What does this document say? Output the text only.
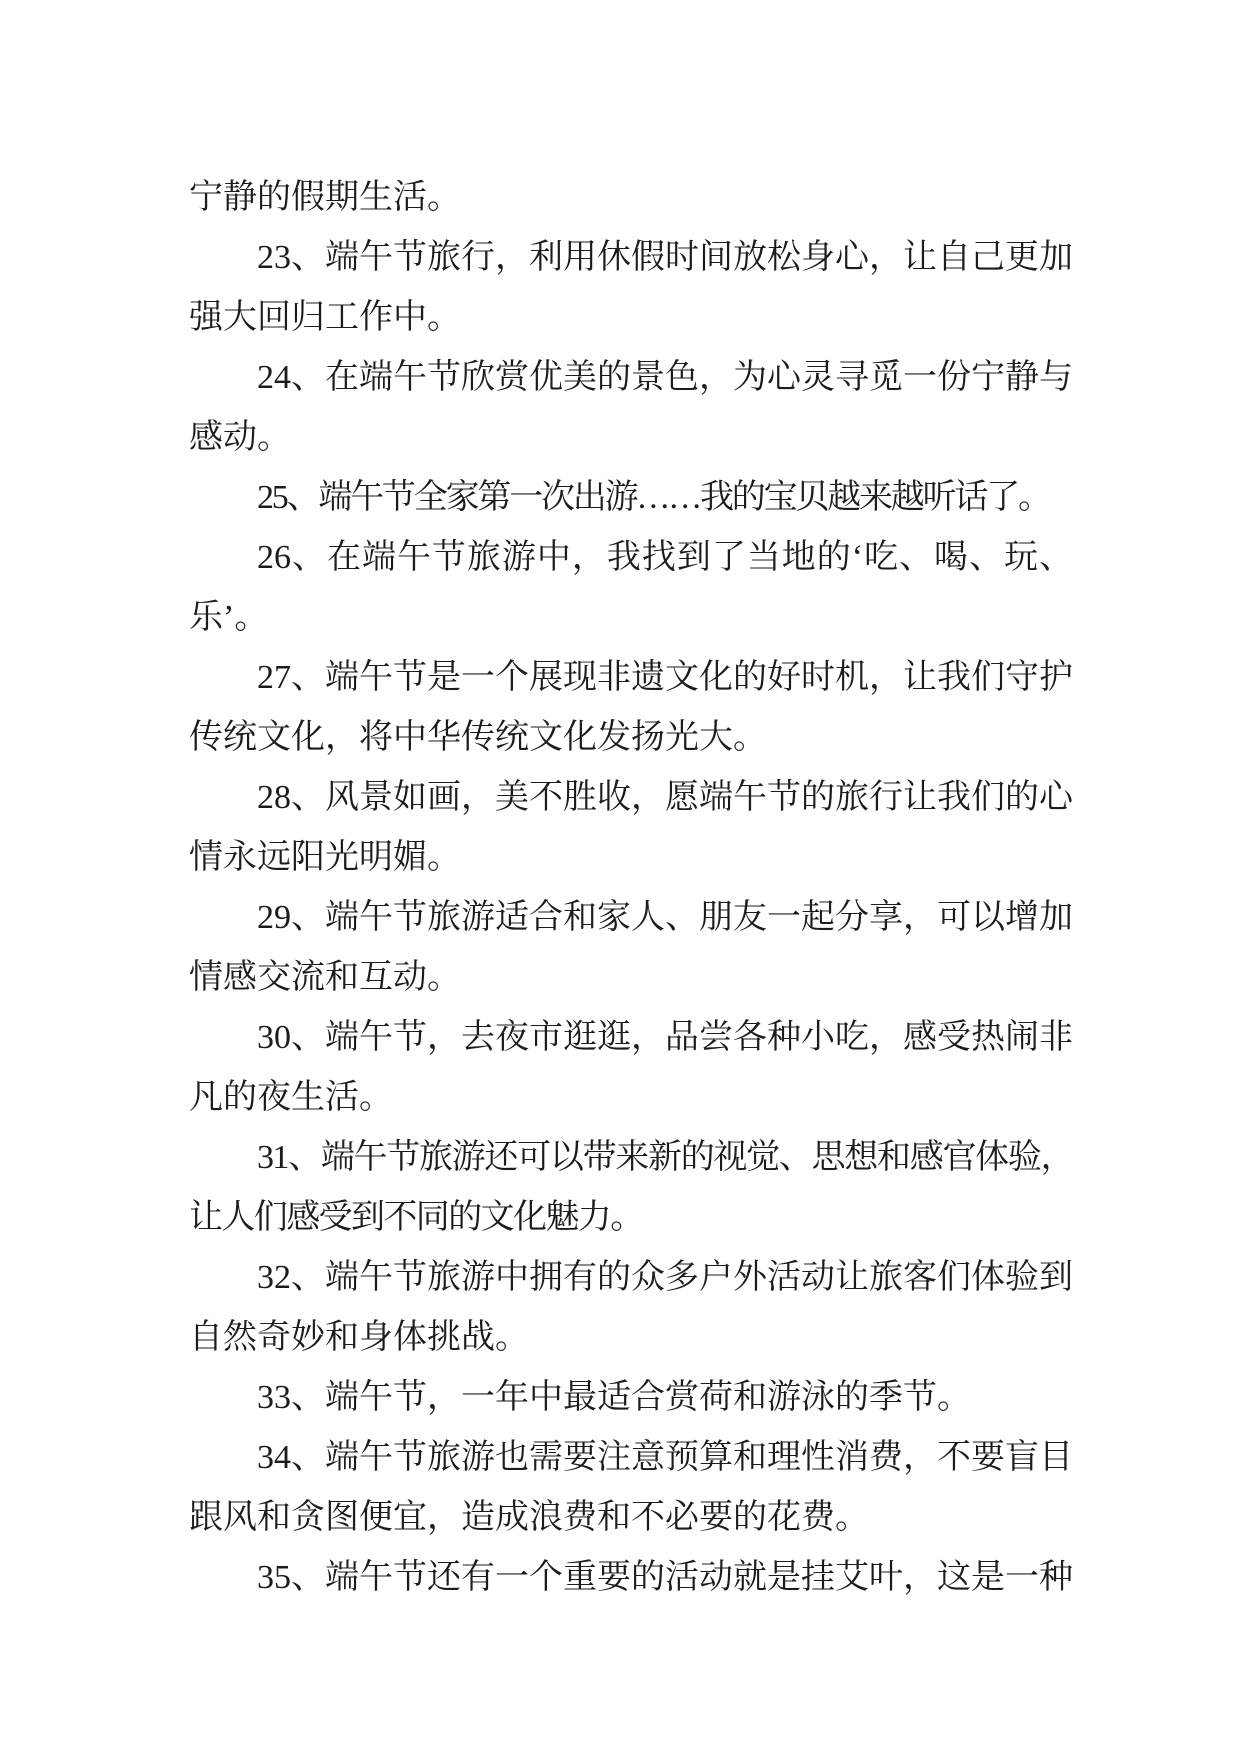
宁静的假期生活。

23、端午节旅行，利用休假时间放松身心，让自己更加强大回归工作中。

24、在端午节欣赏优美的景色，为心灵寻觅一份宁静与感动。

25、端午节全家第一次出游……我的宝贝越来越听话了。

26、在端午节旅游中，我找到了当地的‘吃、喝、玩、乐’。

27、端午节是一个展现非遗文化的好时机，让我们守护传统文化，将中华传统文化发扬光大。

28、风景如画，美不胜收，愿端午节的旅行让我们的心情永远阳光明媚。

29、端午节旅游适合和家人、朋友一起分享，可以增加情感交流和互动。

30、端午节，去夜市逛逛，品尝各种小吃，感受热闹非凡的夜生活。

31、端午节旅游还可以带来新的视觉、思想和感官体验，让人们感受到不同的文化魅力。

32、端午节旅游中拥有的众多户外活动让旅客们体验到自然奇妙和身体挑战。

33、端午节，一年中最适合赏荷和游泳的季节。

34、端午节旅游也需要注意预算和理性消费，不要盲目跟风和贪图便宜，造成浪费和不必要的花费。

35、端午节还有一个重要的活动就是挂艾叶，这是一种
